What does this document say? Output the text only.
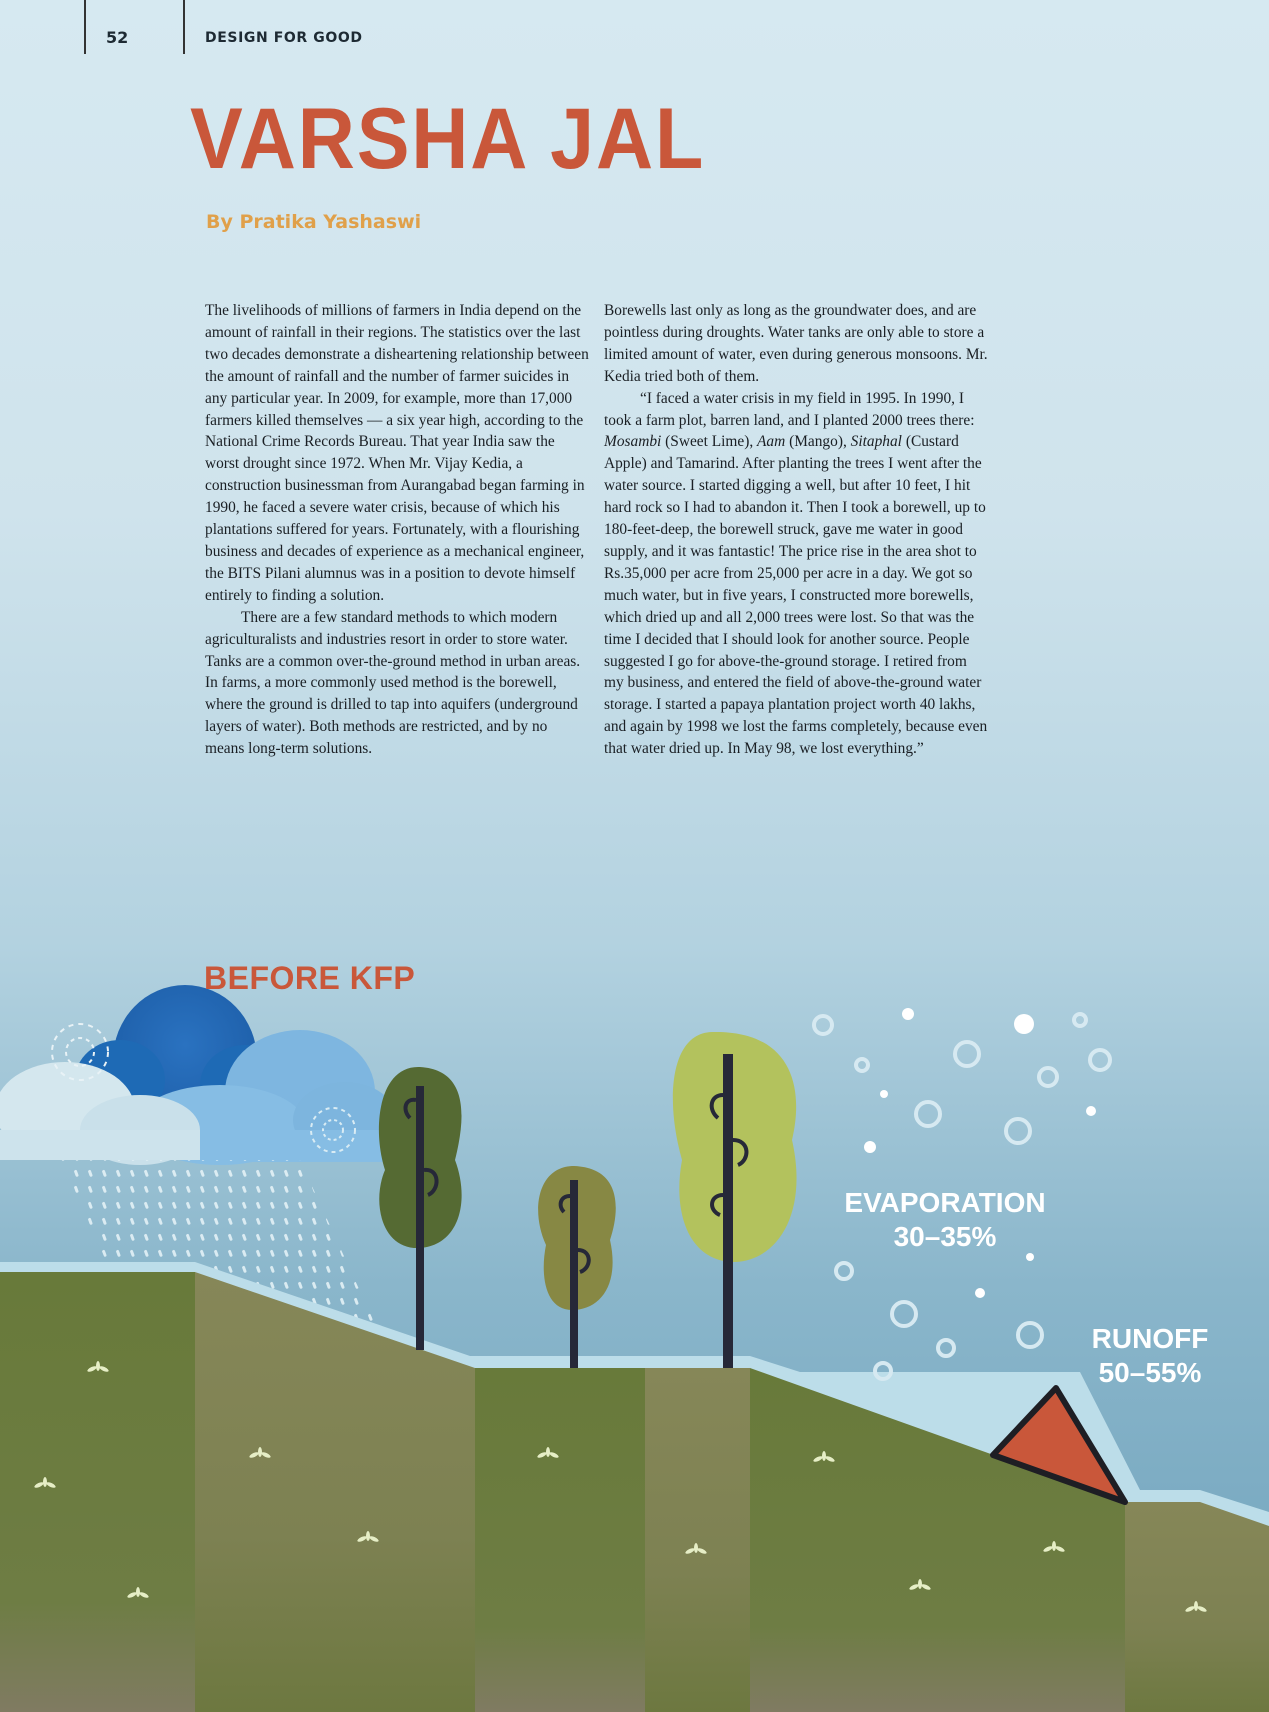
52	DESIGN FOR GOOD
VARSHA JAL
By Pratika Yashaswi

The livelihoods of millions of farmers in India depend on the amount of rainfall in their regions. The statistics over the last two decades demonstrate a disheartening relationship between the amount of rainfall and the number of farmer suicides in any particular year. In 2009, for example, more than 17,000 farmers killed themselves — a six year high, according to the National Crime Records Bureau. That year India saw the worst drought since 1972. When Mr. Vijay Kedia, a construction businessman from Aurangabad began farming in 1990, he faced a severe water crisis, because of which his plantations suffered for years. Fortunately, with a flourishing business and decades of experience as a mechanical engineer, the BITS Pilani alumnus was in a position to devote himself entirely to finding a solution.

There are a few standard methods to which modern agriculturalists and industries resort in order to store water. Tanks are a common over-the-ground method in urban areas. In farms, a more commonly used method is the borewell, where the ground is drilled to tap into aquifers (underground layers of water). Both methods are restricted, and by no means long-term solutions.

Borewells last only as long as the groundwater does, and are pointless during droughts. Water tanks are only able to store a limited amount of water, even during generous monsoons. Mr. Kedia tried both of them.

“I faced a water crisis in my field in 1995. In 1990, I took a farm plot, barren land, and I planted 2000 trees there: Mosambi (Sweet Lime), Aam (Mango), Sitaphal (Custard Apple) and Tamarind. After planting the trees I went after the water source. I started digging a well, but after 10 feet, I hit hard rock so I had to abandon it. Then I took a borewell, up to 180-feet-deep, the borewell struck, gave me water in good supply, and it was fantastic! The price rise in the area shot to Rs.35,000 per acre from 25,000 per acre in a day. We got so much water, but in five years, I constructed more borewells, which dried up and all 2,000 trees were lost. So that was the time I decided that I should look for another source. People suggested I go for above-the-ground storage. I retired from my business, and entered the field of above-the-ground water storage. I started a papaya plantation project worth 40 lakhs, and again by 1998 we lost the farms completely, because even that water dried up. In May 98, we lost everything.”

BEFORE KFP
EVAPORATION
30–35%
RUNOFF
50–55%
